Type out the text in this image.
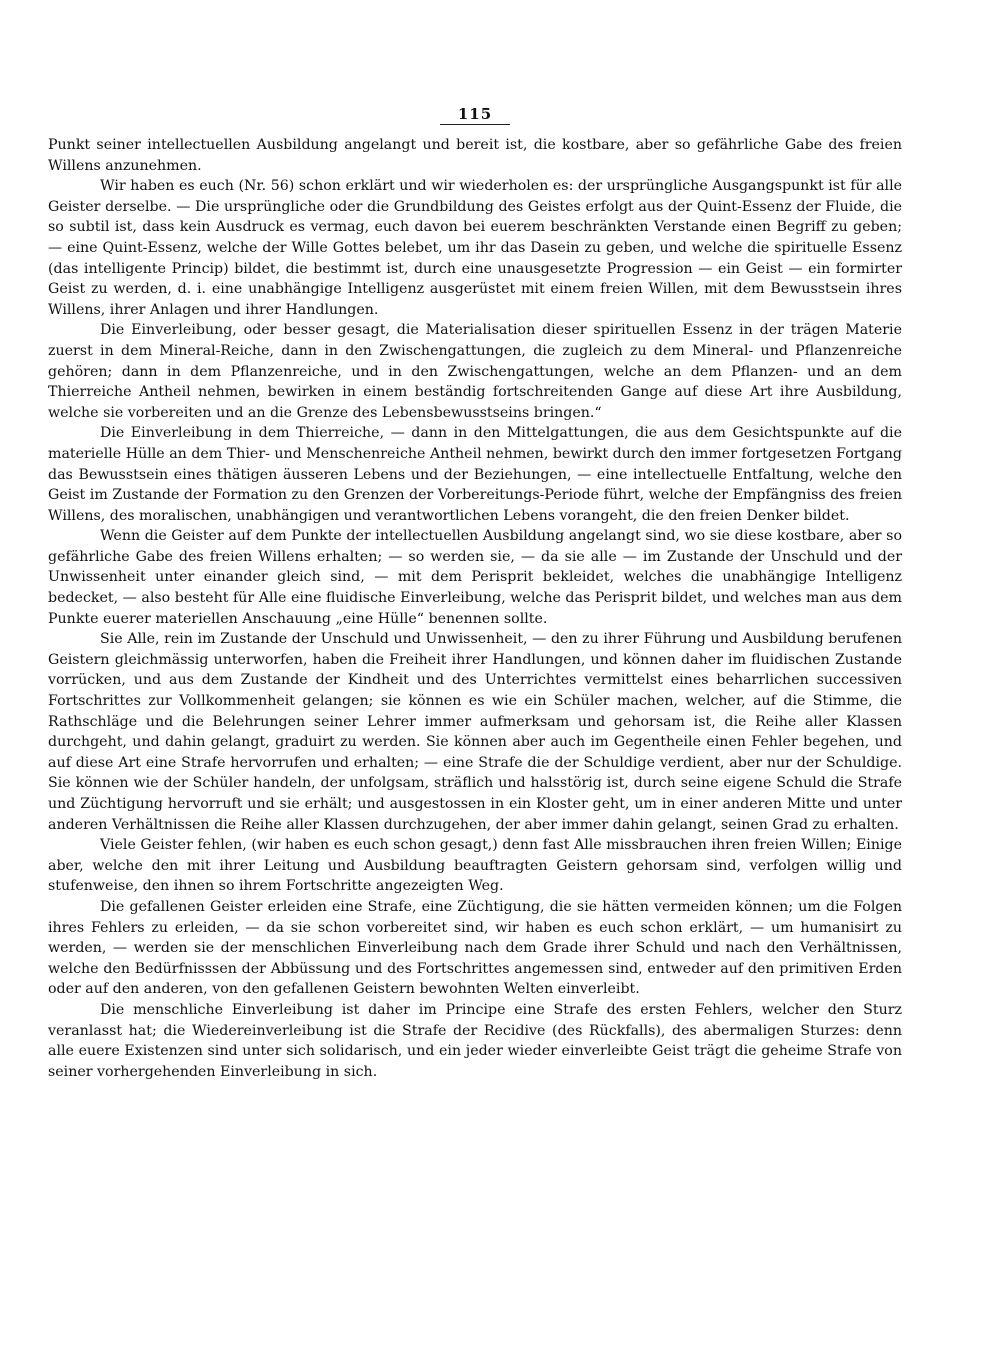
115

Punkt seiner intellectuellen Ausbildung angelangt und bereit ist, die kostbare, aber so gefährliche Gabe des freien Willens anzunehmen.

Wir haben es euch (Nr. 56) schon erklärt und wir wiederholen es: der ursprüngliche Ausgangspunkt ist für alle Geister derselbe. — Die ursprüngliche oder die Grundbildung des Geistes erfolgt aus der Quint-Essenz der Fluide, die so subtil ist, dass kein Ausdruck es vermag, euch davon bei euerem beschränkten Verstande einen Begriff zu geben; — eine Quint-Essenz, welche der Wille Gottes belebet, um ihr das Dasein zu geben, und welche die spirituelle Essenz (das intelligente Princip) bildet, die bestimmt ist, durch eine unausgesetzte Progression — ein Geist — ein formirter Geist zu werden, d. i. eine unabhängige Intelligenz ausgerüstet mit einem freien Willen, mit dem Bewusstsein ihres Willens, ihrer Anlagen und ihrer Handlungen.

Die Einverleibung, oder besser gesagt, die Materialisation dieser spirituellen Essenz in der trägen Materie zuerst in dem Mineral-Reiche, dann in den Zwischengattungen, die zugleich zu dem Mineral- und Pflanzenreiche gehören; dann in dem Pflanzenreiche, und in den Zwischengattungen, welche an dem Pflanzen- und an dem Thierreiche Antheil nehmen, bewirken in einem beständig fortschreitenden Gange auf diese Art ihre Ausbildung, welche sie vorbereiten und an die Grenze des Lebensbewusstseins bringen.“

Die Einverleibung in dem Thierreiche, — dann in den Mittelgattungen, die aus dem Gesichtspunkte auf die materielle Hülle an dem Thier- und Menschenreiche Antheil nehmen, bewirkt durch den immer fortgesetzen Fortgang das Bewusstsein eines thätigen äusseren Lebens und der Beziehungen, — eine intellectuelle Entfaltung, welche den Geist im Zustande der Formation zu den Grenzen der Vorbereitungs-Periode führt, welche der Empfängniss des freien Willens, des moralischen, unabhängigen und verantwortlichen Lebens vorangeht, die den freien Denker bildet.

Wenn die Geister auf dem Punkte der intellectuellen Ausbildung angelangt sind, wo sie diese kostbare, aber so gefährliche Gabe des freien Willens erhalten; — so werden sie, — da sie alle — im Zustande der Unschuld und der Unwissenheit unter einander gleich sind, — mit dem Perisprit bekleidet, welches die unabhängige Intelligenz bedecket, — also besteht für Alle eine fluidische Einverleibung, welche das Perisprit bildet, und welches man aus dem Punkte euerer materiellen Anschauung „eine Hülle“ benennen sollte.

Sie Alle, rein im Zustande der Unschuld und Unwissenheit, — den zu ihrer Führung und Ausbildung berufenen Geistern gleichmässig unterworfen, haben die Freiheit ihrer Handlungen, und können daher im fluidischen Zustande vorrücken, und aus dem Zustande der Kindheit und des Unterrichtes vermittelst eines beharrlichen successiven Fortschrittes zur Vollkommenheit gelangen; sie können es wie ein Schüler machen, welcher, auf die Stimme, die Rathschläge und die Belehrungen seiner Lehrer immer aufmerksam und gehorsam ist, die Reihe aller Klassen durchgeht, und dahin gelangt, graduirt zu werden. Sie können aber auch im Gegentheile einen Fehler begehen, und auf diese Art eine Strafe hervorrufen und erhalten; — eine Strafe die der Schuldige verdient, aber nur der Schuldige. Sie können wie der Schüler handeln, der unfolgsam, sträflich und halsstörig ist, durch seine eigene Schuld die Strafe und Züchtigung hervorruft und sie erhält; und ausgestossen in ein Kloster geht, um in einer anderen Mitte und unter anderen Verhältnissen die Reihe aller Klassen durchzugehen, der aber immer dahin gelangt, seinen Grad zu erhalten.

Viele Geister fehlen, (wir haben es euch schon gesagt,) denn fast Alle missbrauchen ihren freien Willen; Einige aber, welche den mit ihrer Leitung und Ausbildung beauftragten Geistern gehorsam sind, verfolgen willig und stufenweise, den ihnen so ihrem Fortschritte angezeigten Weg.

Die gefallenen Geister erleiden eine Strafe, eine Züchtigung, die sie hätten vermeiden können; um die Folgen ihres Fehlers zu erleiden, — da sie schon vorbereitet sind, wir haben es euch schon erklärt, — um humanisirt zu werden, — werden sie der menschlichen Einverleibung nach dem Grade ihrer Schuld und nach den Verhältnissen, welche den Bedürfnisssen der Abbüssung und des Fortschrittes angemessen sind, entweder auf den primitiven Erden oder auf den anderen, von den gefallenen Geistern bewohnten Welten einverleibt.

Die menschliche Einverleibung ist daher im Principe eine Strafe des ersten Fehlers, welcher den Sturz veranlasst hat; die Wiedereinverleibung ist die Strafe der Recidive (des Rückfalls), des abermaligen Sturzes: denn alle euere Existenzen sind unter sich solidarisch, und ein jeder wieder einverleibte Geist trägt die geheime Strafe von seiner vorhergehenden Einverleibung in sich.
